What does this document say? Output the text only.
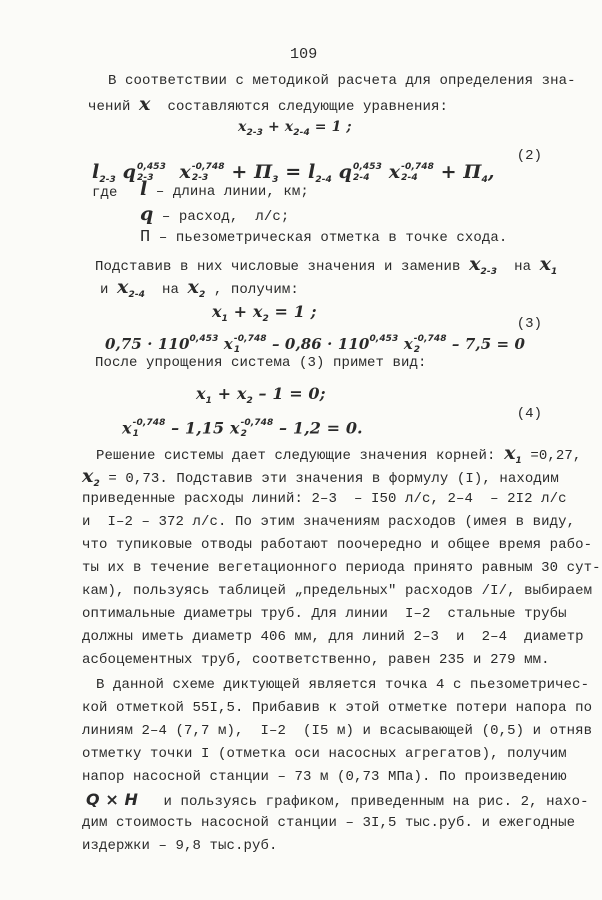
109
В соответствии с методикой расчета для определения зна-
чений x  составляются следующие уравнения:
$x_{2-3} + x_{2-4} = 1$ ;

$l_{2-3}$ q 0,453
2-3	x -0,748
$2-3 + П_3 = l_{2-4}$ q 0,453
2-4	x -0,748
$2-4 + П_4$,
(2)
где l – длина линии, км;
q – расход,  л/с;
П – пьезометрическая отметка в точке схода.
Подставив в них числовые значения и заменив $x_{2-3}$  на $x_1$
и $x_{2-4}$  на $x_2$ , получим:
$x_1 + x_2 = 1$ ;
$0,75 \cdot 110^{0,453}$ x -0,748
1	– $0,86 \cdot 110^{0,453}$ x -0,748
2	– 7,5 = 0
(3)
После упрощения система (3) примет вид:
$x_1 + x_2 - 1 = 0$;
x -0,748
1	– 1,15 x -0,748
2	– 1,2 = 0.
(4)
Решение системы дает следующие значения корней: $x_1 =0,27$,
$x_2 = 0,73$. Подставив эти значения в формулу (I), находим
приведенные расходы линий: 2–3  – I50 л/с, 2–4  – 2I2 л/с
и  I–2 – 372 л/с. По этим значениям расходов (имея в виду,
что тупиковые отводы работают поочередно и общее время рабо-
ты их в течение вегетационного периода принято равным 30 сут-
кам), пользуясь таблицей „предельных" расходов /I/, выбираем
оптимальные диаметры труб. Для линии  I–2  стальные трубы
должны иметь диаметр 406 мм, для линий 2–3  и  2–4  диаметр
асбоцементных труб, соответственно, равен 235 и 279 мм.
В данной схеме диктующей является точка 4 с пьезометричес-
кой отметкой 55I,5. Прибавив к этой отметке потери напора по
линиям 2–4 (7,7 м),  I–2  (I5 м) и всасывающей (0,5) и отняв
отметку точки I (отметка оси насосных агрегатов), получим
напор насосной станции – 73 м (0,73 МПа). По произведению
Q × H   и пользуясь графиком, приведенным на рис. 2, нахо-
дим стоимость насосной станции – 3I,5 тыс.руб. и ежегодные
издержки – 9,8 тыс.руб.
